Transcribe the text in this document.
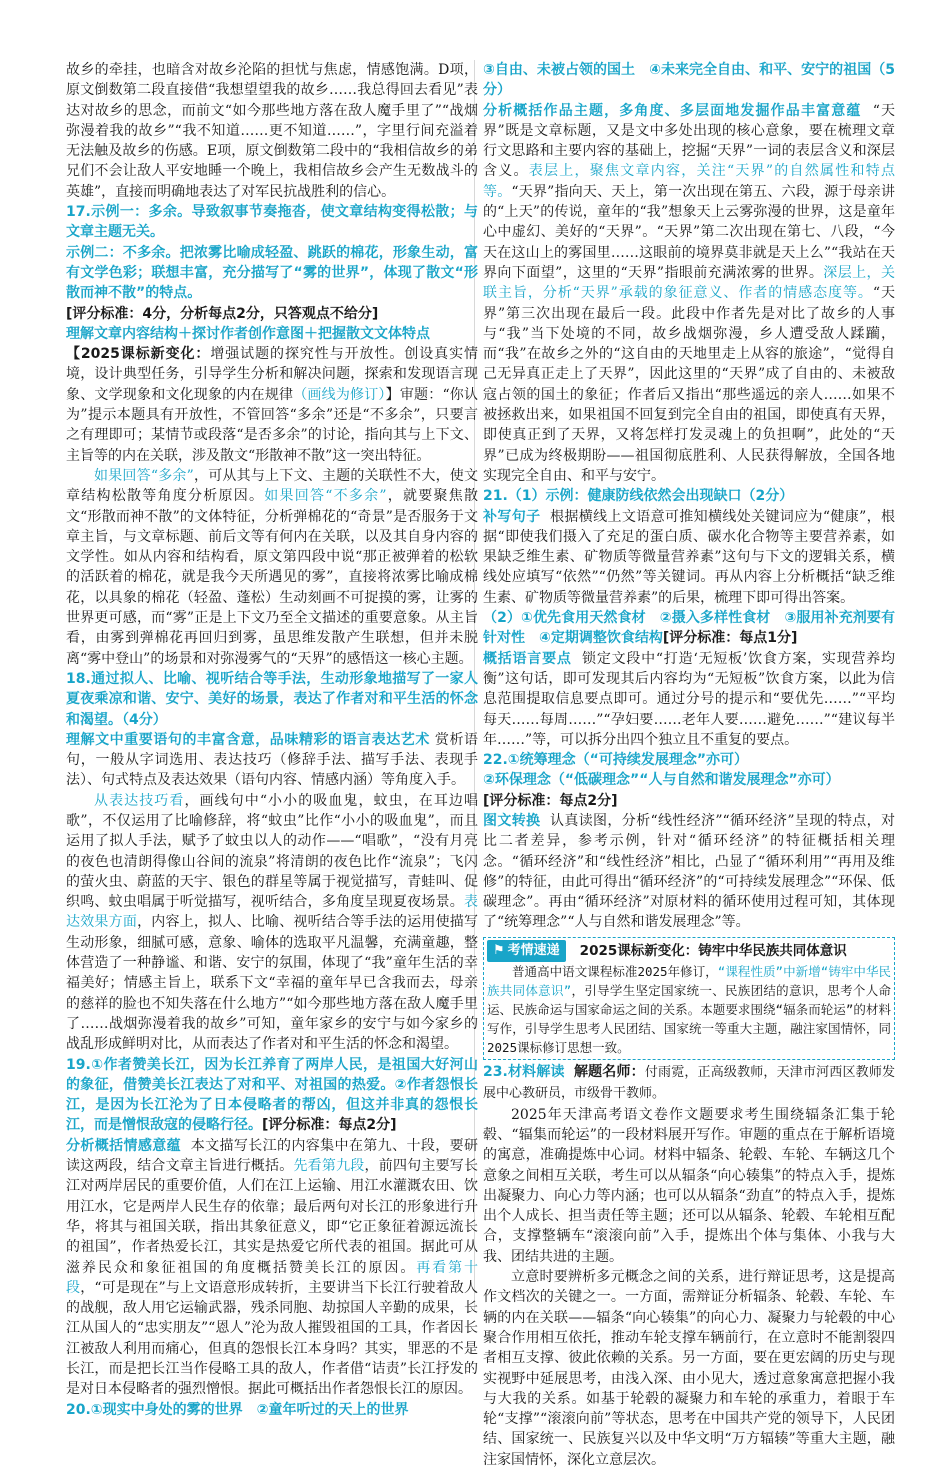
故乡的牵挂，也暗含对故乡沦陷的担忧与焦虑，情感饱满。D项，原文倒数第二段直接借“我想望望我的故乡……我总得回去看见”表达对故乡的思念，而前文“如今那些地方落在敌人魔手里了”“战烟弥漫着我的故乡”“我不知道……更不知道……”，字里行间充溢着无法触及故乡的伤感。E项，原文倒数第二段中的“我相信故乡的弟兄们不会让敌人平安地睡一个晚上，我相信故乡会产生无数战斗的英雄”，直接而明确地表达了对军民抗战胜利的信心。

17.示例一：多余。导致叙事节奏拖沓，使文章结构变得松散；与文章主题无关。

示例二：不多余。把浓雾比喻成轻盈、跳跃的棉花，形象生动，富有文学色彩；联想丰富，充分描写了“雾的世界”，体现了散文“形散而神不散”的特点。

[评分标准：4分，分析每点2分，只答观点不给分]

理解文章内容结构＋探讨作者创作意图＋把握散文文体特点

【2025课标新变化：增强试题的探究性与开放性。创设真实情境，设计典型任务，引导学生分析和解决问题，探索和发现语言现象、文学现象和文化现象的内在规律（画线为修订）】审题：“你认为”提示本题具有开放性，不管回答“多余”还是“不多余”，只要言之有理即可；某情节或段落“是否多余”的讨论，指向其与上下文、主旨等的内在关联，涉及散文“形散神不散”这一突出特征。

如果回答“多余”，可从其与上下文、主题的关联性不大，使文章结构松散等角度分析原因。如果回答“不多余”，就要聚焦散文“形散而神不散”的文体特征，分析弹棉花的“奇景”是否服务于文章主旨，与文章标题、前后文等有何内在关联，以及其自身内容的文学性。如从内容和结构看，原文第四段中说“那正被弹着的松软的活跃着的棉花，就是我今天所遇见的雾”，直接将浓雾比喻成棉花，以具象的棉花（轻盈、蓬松）生动刻画不可捉摸的雾，让雾的世界更可感，而“雾”正是上下文乃至全文描述的重要意象。从主旨看，由雾到弹棉花再回归到雾，虽思维发散产生联想，但并未脱离“雾中登山”的场景和对弥漫雾气的“天界”的感悟这一核心主题。

18.通过拟人、比喻、视听结合等手法，生动形象地描写了一家人夏夜乘凉和谐、安宁、美好的场景，表达了作者对和平生活的怀念和渴望。（4分）

理解文中重要语句的丰富含意，品味精彩的语言表达艺术 赏析语句，一般从字词选用、表达技巧（修辞手法、描写手法、表现手法）、句式特点及表达效果（语句内容、情感内涵）等角度入手。

从表达技巧看，画线句中“小小的吸血鬼，蚊虫，在耳边唱歌”，不仅运用了比喻修辞，将“蚊虫”比作“小小的吸血鬼”，而且运用了拟人手法，赋予了蚊虫以人的动作——“唱歌”，“没有月亮的夜色也清朗得像山谷间的流泉”将清朗的夜色比作“流泉”；飞闪的萤火虫、蔚蓝的天宇、银色的群星等属于视觉描写，青蛙叫、促织鸣、蚊虫唱属于听觉描写，视听结合，多角度呈现夏夜场景。表达效果方面，内容上，拟人、比喻、视听结合等手法的运用使描写生动形象，细腻可感，意象、喻体的选取平凡温馨，充满童趣，整体营造了一种静谧、和谐、安宁的氛围，体现了“我”童年生活的幸福美好；情感主旨上，联系下文“幸福的童年早已含我而去，母亲的慈祥的脸也不知失落在什么地方”“如今那些地方落在敌人魔手里了……战烟弥漫着我的故乡”可知，童年家乡的安宁与如今家乡的战乱形成鲜明对比，从而表达了作者对和平生活的怀念和渴望。

19.①作者赞美长江，因为长江养育了两岸人民，是祖国大好河山的象征，借赞美长江表达了对和平、对祖国的热爱。②作者怨恨长江，是因为长江沦为了日本侵略者的帮凶，但这并非真的怨恨长江，而是憎恨敌寇的侵略行径。[评分标准：每点2分]

分析概括情感意蕴 本文描写长江的内容集中在第九、十段，要研读这两段，结合文章主旨进行概括。先看第九段，前四句主要写长江对两岸居民的重要价值，人们在江上运输、用江水灌溉农田、饮用江水，它是两岸人民生存的依靠；最后两句对长江的形象进行升华，将其与祖国关联，指出其象征意义，即“它正象征着源远流长的祖国”，作者热爱长江，其实是热爱它所代表的祖国。据此可从滋养民众和象征祖国的角度概括赞美长江的原因。再看第十段，“可是现在”与上文语意形成转折，主要讲当下长江行驶着敌人的战舰，敌人用它运输武器，残杀同胞、劫掠国人辛勤的成果，长江从国人的“忠实朋友”“恩人”沦为敌人摧毁祖国的工具，作者因长江被敌人利用而痛心，但真的怨恨长江本身吗？其实，罪恶的不是长江，而是把长江当作侵略工具的敌人，作者借“诘责”长江抒发的是对日本侵略者的强烈憎恨。据此可概括出作者怨恨长江的原因。

20.①现实中身处的雾的世界　②童年听过的天上的世界

③自由、未被占领的国土　④未来完全自由、和平、安宁的祖国（5分）

分析概括作品主题，多角度、多层面地发掘作品丰富意蕴 “天界”既是文章标题，又是文中多处出现的核心意象，要在梳理文章行文思路和主要内容的基础上，挖掘“天界”一词的表层含义和深层含义。表层上，聚焦文章内容，关注“天界”的自然属性和特点等。“天界”指向天、天上，第一次出现在第五、六段，源于母亲讲的“上天”的传说，童年的“我”想象天上云雾弥漫的世界，这是童年心中虚幻、美好的“天界”。“天界”第二次出现在第七、八段，“今天在这山上的雾国里……这眼前的境界莫非就是天上么”“我站在天界向下面望”，这里的“天界”指眼前充满浓雾的世界。深层上，关联主旨，分析“天界”承载的象征意义、作者的情感态度等。“天界”第三次出现在最后一段。此段中作者先是对比了故乡的人事与“我”当下处境的不同，故乡战烟弥漫，乡人遭受敌人蹂躏，而“我”在故乡之外的“这自由的天地里走上从容的旅途”，“觉得自己无异真正走上了天界”，因此这里的“天界”成了自由的、未被敌寇占领的国土的象征；作者后又指出“那些遥远的亲人……如果不被拯救出来，如果祖国不回复到完全自由的祖国，即使真有天界，即使真正到了天界，又将怎样打发灵魂上的负担啊”，此处的“天界”已成为终极期盼——祖国彻底胜利、人民获得解放，全国各地实现完全自由、和平与安宁。

21.（1）示例：健康防线依然会出现缺口（2分）

补写句子 根据横线上文语意可推知横线处关键词应为“健康”，根据“即使我们摄入了充足的蛋白质、碳水化合物等主要营养素，如果缺乏维生素、矿物质等微量营养素”这句与下文的逻辑关系，横线处应填写“依然”“仍然”等关键词。再从内容上分析概括“缺乏维生素、矿物质等微量营养素”的后果，梳理下即可得出答案。

（2）①优先食用天然食材　②摄入多样性食材　③服用补充剂要有针对性　④定期调整饮食结构[评分标准：每点1分]

概括语言要点 锁定文段中“打造‘无短板’饮食方案，实现营养均衡”这句话，即可发现其后内容均为“无短板”饮食方案，以此为信息范围提取信息要点即可。通过分号的提示和“要优先……”“平均每天……每周……”“孕妇要……老年人要……避免……”“建议每半年……”等，可以拆分出四个独立且不重复的要点。

22.①统筹理念（“可持续发展理念”亦可）

②环保理念（“低碳理念”“人与自然和谐发展理念”亦可）

[评分标准：每点2分]

图文转换 认真读图，分析“线性经济”“循环经济”呈现的特点，对比二者差异，参考示例，针对“循环经济”的特征概括相关理念。“循环经济”和“线性经济”相比，凸显了“循环利用”“再用及维修”的特征，由此可得出“循环经济”的“可持续发展理念”“环保、低碳理念”。再由“循环经济”对原材料的循环使用过程可知，其体现了“统筹理念”“人与自然和谐发展理念”等。

⚑ 考情速递 2025课标新变化：铸牢中华民族共同体意识

普通高中语文课程标准2025年修订，“课程性质”中新增“铸牢中华民族共同体意识”，引导学生坚定国家统一、民族团结的意识，思考个人命运、民族命运与国家命运之间的关系。本题要求围绕“辐条而轮运”的材料写作，引导学生思考人民团结、国家统一等重大主题，融注家国情怀，同2025课标修订思想一致。

23.材料解读 解题名师：付雨霓，正高级教师，天津市河西区教师发展中心教研员，市级骨干教师。

2025年天津高考语文卷作文题要求考生围绕辐条汇集于轮毂、“辐集而轮运”的一段材料展开写作。审题的重点在于解析语境的寓意，准确提炼中心词。材料中辐条、轮毂、车轮、车辆这几个意象之间相互关联，考生可以从辐条“向心辏集”的特点入手，提炼出凝聚力、向心力等内涵；也可以从辐条“劲直”的特点入手，提炼出个人成长、担当责任等主题；还可以从辐条、轮毂、车轮相互配合，支撑整辆车“滚滚向前”入手，提炼出个体与集体、小我与大我、团结共进的主题。

立意时要辨析多元概念之间的关系，进行辩证思考，这是提高作文档次的关键之一。一方面，需辩证分析辐条、轮毂、车轮、车辆的内在关联——辐条“向心辏集”的向心力、凝聚力与轮毂的中心聚合作用相互依托，推动车轮支撑车辆前行，在立意时不能割裂四者相互支撑、彼此依赖的关系。另一方面，要在更宏阔的历史与现实视野中延展思考，由浅入深、由小见大，透过意象寓意把握小我与大我的关系。如基于轮毂的凝聚力和车轮的承重力，着眼于车轮“支撑”“滚滚向前”等状态，思考在中国共产党的领导下，人民团结、国家统一、民族复兴以及中华文明“万方辐辏”等重大主题，融注家国情怀，深化立意层次。
